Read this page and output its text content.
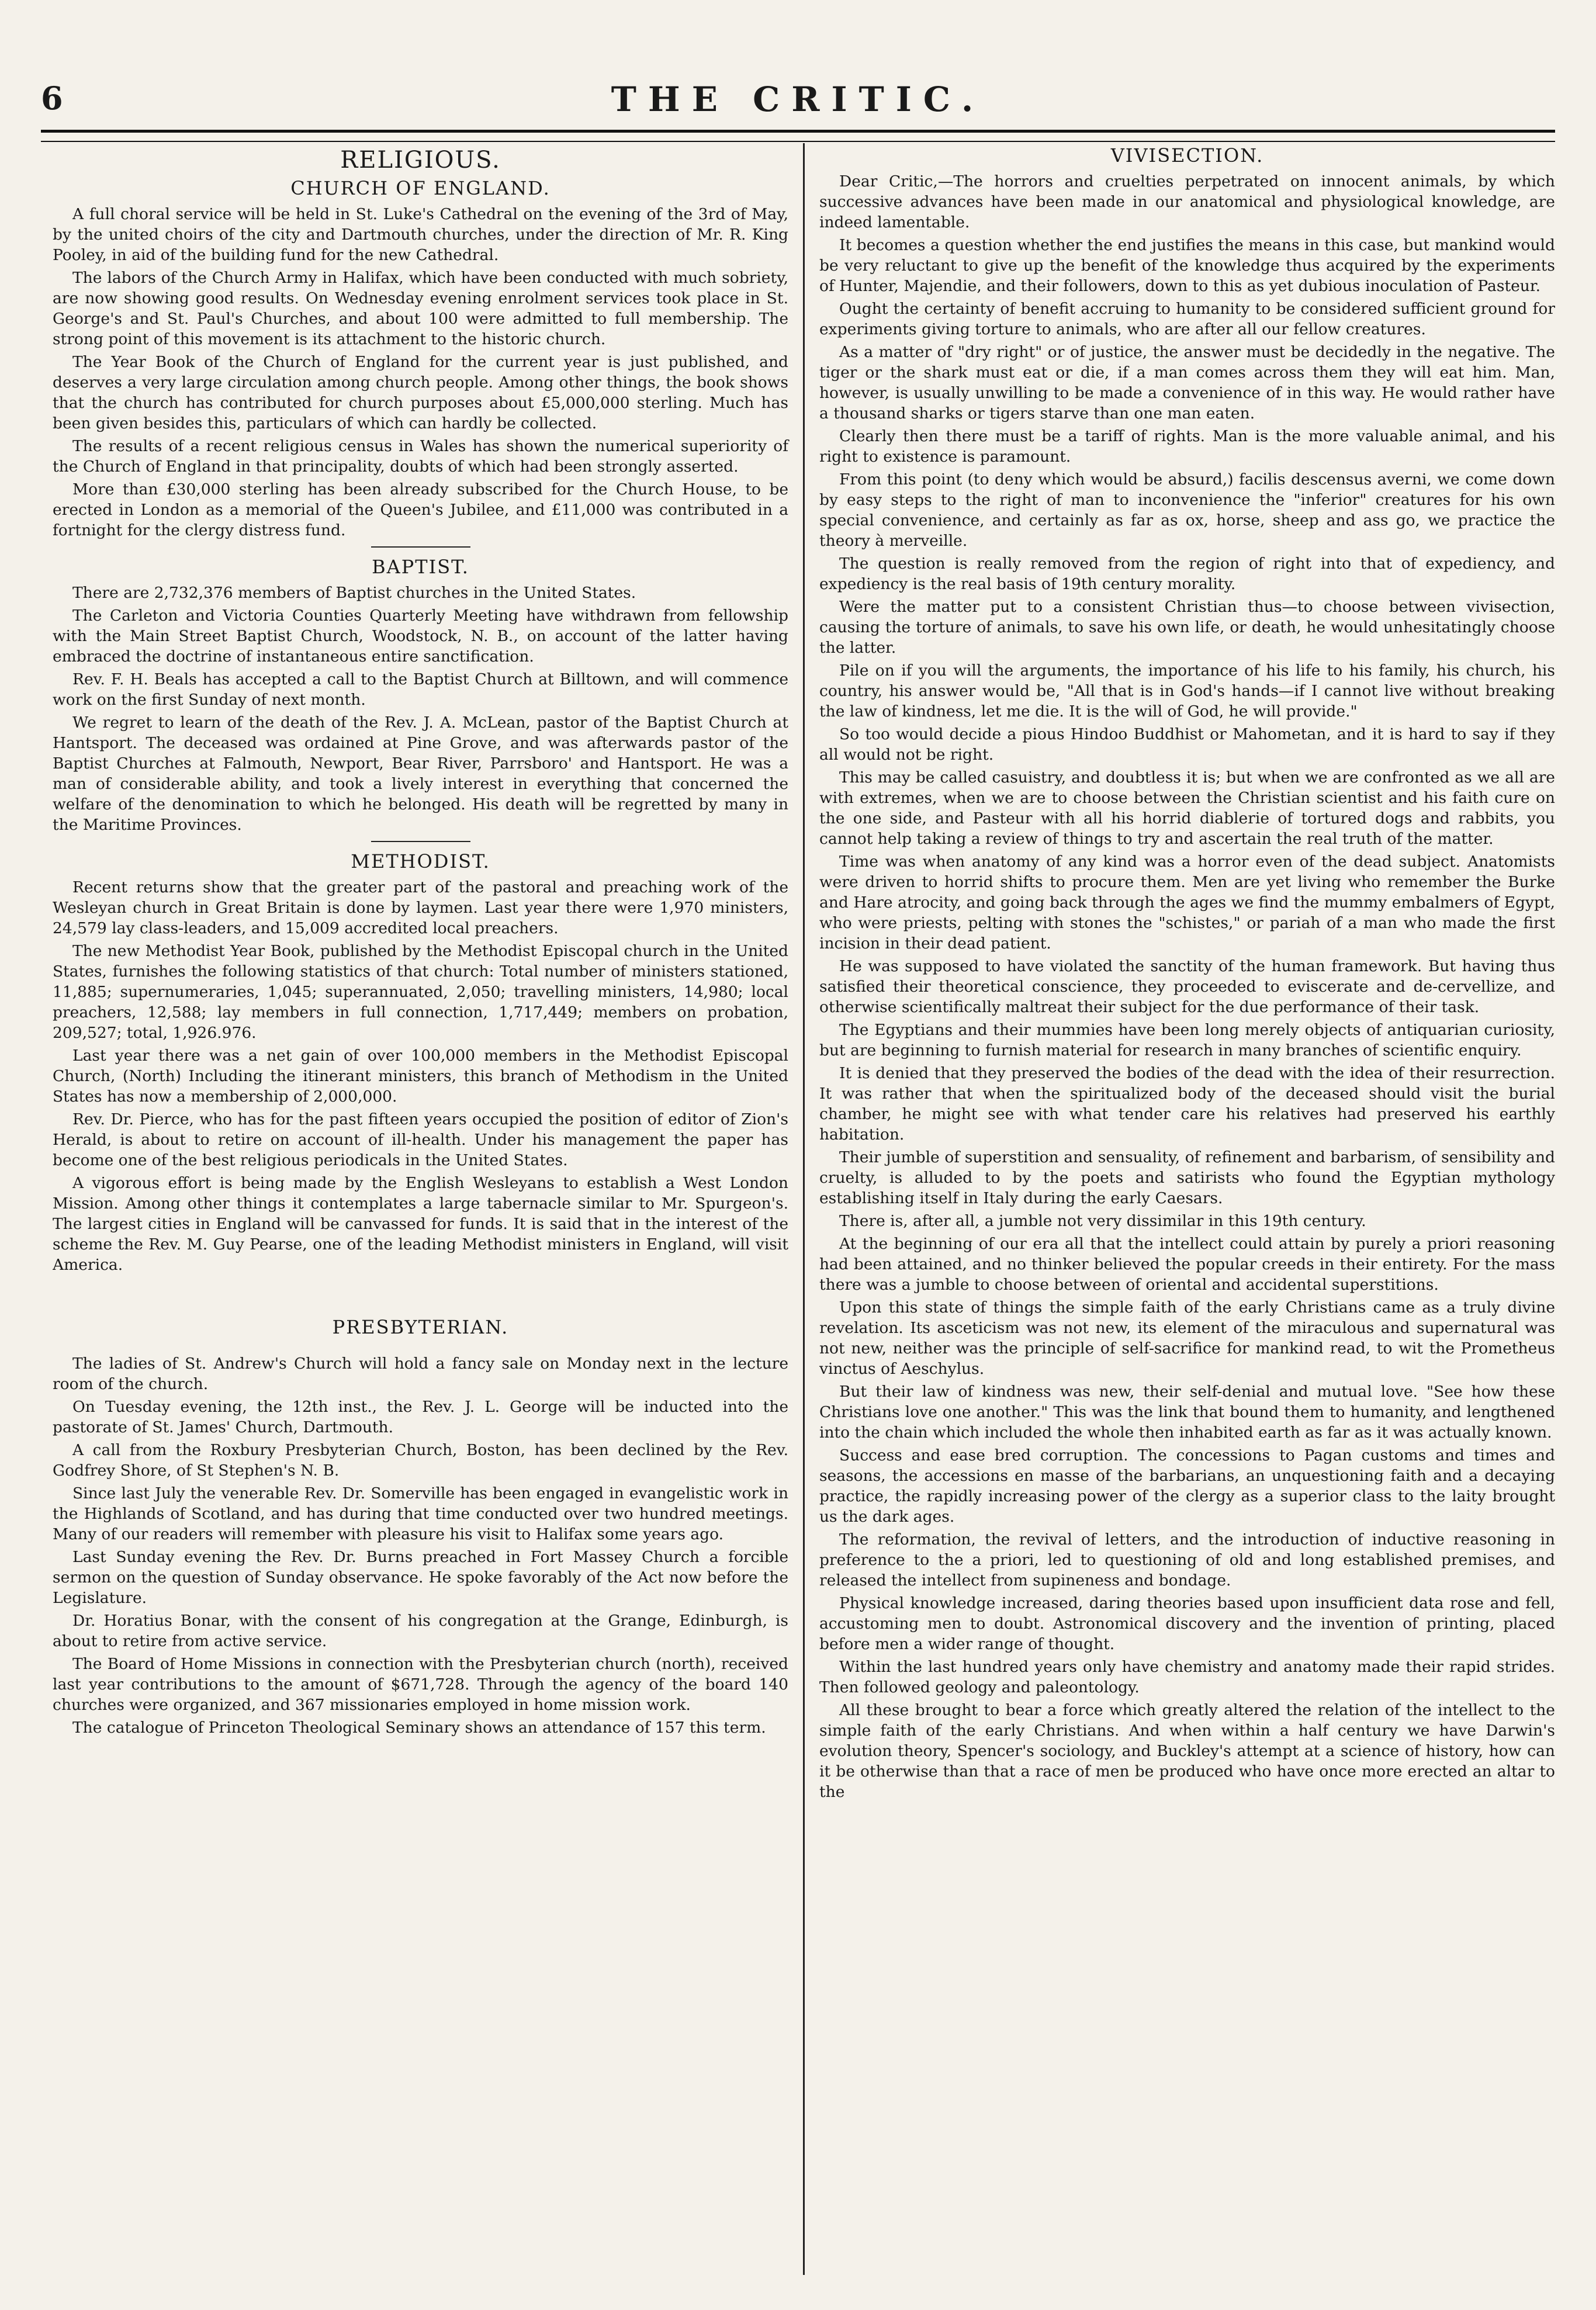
6	THE CRITIC.
RELIGIOUS.
CHURCH OF ENGLAND.

A full choral service will be held in St. Luke's Cathedral on the evening of the 3rd of May, by the united choirs of the city and Dartmouth churches, under the direction of Mr. R. King Pooley, in aid of the building fund for the new Cathedral.

The labors of the Church Army in Halifax, which have been conducted with much sobriety, are now showing good results. On Wednesday evening enrolment services took place in St. George's and St. Paul's Churches, and about 100 were admitted to full membership. The strong point of this movement is its attachment to the historic church.

The Year Book of the Church of England for the current year is just published, and deserves a very large circulation among church people. Among other things, the book shows that the church has contributed for church purposes about £5,000,000 sterling. Much has been given besides this, particulars of which can hardly be collected.

The results of a recent religious census in Wales has shown the numerical superiority of the Church of England in that principality, doubts of which had been strongly asserted.

More than £30,000 sterling has been already subscribed for the Church House, to be erected in London as a memorial of the Queen's Jubilee, and £11,000 was contributed in a fortnight for the clergy distress fund.

BAPTIST.

There are 2,732,376 members of Baptist churches in the United States.

The Carleton and Victoria Counties Quarterly Meeting have withdrawn from fellowship with the Main Street Baptist Church, Woodstock, N. B., on account of the latter having embraced the doctrine of instantaneous entire sanctification.

Rev. F. H. Beals has accepted a call to the Baptist Church at Billtown, and will commence work on the first Sunday of next month.

We regret to learn of the death of the Rev. J. A. McLean, pastor of the Baptist Church at Hantsport. The deceased was ordained at Pine Grove, and was afterwards pastor of the Baptist Churches at Falmouth, Newport, Bear River, Parrsboro' and Hantsport. He was a man of considerable ability, and took a lively interest in everything that concerned the welfare of the denomination to which he belonged. His death will be regretted by many in the Maritime Provinces.

METHODIST.

Recent returns show that the greater part of the pastoral and preaching work of the Wesleyan church in Great Britain is done by laymen. Last year there were 1,970 ministers, 24,579 lay class-leaders, and 15,009 accredited local preachers.

The new Methodist Year Book, published by the Methodist Episcopal church in the United States, furnishes the following statistics of that church: Total number of ministers stationed, 11,885; supernumeraries, 1,045; superannuated, 2,050; travelling ministers, 14,980; local preachers, 12,588; lay members in full connection, 1,717,449; members on probation, 209,527; total, 1,926.976.

Last year there was a net gain of over 100,000 members in the Methodist Episcopal Church, (North) Including the itinerant ministers, this branch of Methodism in the United States has now a membership of 2,000,000.

Rev. Dr. Pierce, who has for the past fifteen years occupied the position of editor of Zion's Herald, is about to retire on account of ill-health. Under his management the paper has become one of the best religious periodicals in the United States.

A vigorous effort is being made by the English Wesleyans to establish a West London Mission. Among other things it contemplates a large tabernacle similar to Mr. Spurgeon's. The largest cities in England will be canvassed for funds. It is said that in the interest of the scheme the Rev. M. Guy Pearse, one of the leading Methodist ministers in England, will visit America.

PRESBYTERIAN.

The ladies of St. Andrew's Church will hold a fancy sale on Monday next in the lecture room of the church.

On Tuesday evening, the 12th inst., the Rev. J. L. George will be inducted into the pastorate of St. James' Church, Dartmouth.

A call from the Roxbury Presbyterian Church, Boston, has been declined by the Rev. Godfrey Shore, of St Stephen's N. B.

Since last July the venerable Rev. Dr. Somerville has been engaged in evangelistic work in the Highlands of Scotland, and has during that time conducted over two hundred meetings. Many of our readers will remember with pleasure his visit to Halifax some years ago.

Last Sunday evening the Rev. Dr. Burns preached in Fort Massey Church a forcible sermon on the question of Sunday observance. He spoke favorably of the Act now before the Legislature.

Dr. Horatius Bonar, with the consent of his congregation at the Grange, Edinburgh, is about to retire from active service.

The Board of Home Missions in connection with the Presbyterian church (north), received last year contributions to the amount of $671,728. Through the agency of the board 140 churches were organized, and 367 missionaries employed in home mission work.

The catalogue of Princeton Theological Seminary shows an attendance of 157 this term.

VIVISECTION.

Dear Critic,—The horrors and cruelties perpetrated on innocent animals, by which successive advances have been made in our anatomical and physiological knowledge, are indeed lamentable.

It becomes a question whether the end justifies the means in this case, but mankind would be very reluctant to give up the benefit of the knowledge thus acquired by the experiments of Hunter, Majendie, and their followers, down to this as yet dubious inoculation of Pasteur.

Ought the certainty of benefit accruing to humanity to be considered sufficient ground for experiments giving torture to animals, who are after all our fellow creatures.

As a matter of "dry right" or of justice, the answer must be decidedly in the negative. The tiger or the shark must eat or die, if a man comes across them they will eat him. Man, however, is usually unwilling to be made a convenience of in this way. He would rather have a thousand sharks or tigers starve than one man eaten.

Clearly then there must be a tariff of rights. Man is the more valuable animal, and his right to existence is paramount.

From this point (to deny which would be absurd,) facilis descensus averni, we come down by easy steps to the right of man to inconvenience the "inferior" creatures for his own special convenience, and certainly as far as ox, horse, sheep and ass go, we practice the theory à merveille.

The question is really removed from the region of right into that of expediency, and expediency is the real basis of 19th century morality.

Were the matter put to a consistent Christian thus—to choose between vivisection, causing the torture of animals, to save his own life, or death, he would unhesitatingly choose the latter.

Pile on if you will the arguments, the importance of his life to his family, his church, his country, his answer would be, "All that is in God's hands—if I cannot live without breaking the law of kindness, let me die. It is the will of God, he will provide."

So too would decide a pious Hindoo Buddhist or Mahometan, and it is hard to say if they all would not be right.

This may be called casuistry, and doubtless it is; but when we are confronted as we all are with extremes, when we are to choose between the Christian scientist and his faith cure on the one side, and Pasteur with all his horrid diablerie of tortured dogs and rabbits, you cannot help taking a review of things to try and ascertain the real truth of the matter.

Time was when anatomy of any kind was a horror even of the dead subject. Anatomists were driven to horrid shifts to procure them. Men are yet living who remember the Burke and Hare atrocity, and going back through the ages we find the mummy embalmers of Egypt, who were priests, pelting with stones the "schistes," or pariah of a man who made the first incision in their dead patient.

He was supposed to have violated the sanctity of the human framework. But having thus satisfied their theoretical conscience, they proceeded to eviscerate and de-cervellize, and otherwise scientifically maltreat their subject for the due performance of their task.

The Egyptians and their mummies have been long merely objects of antiquarian curiosity, but are beginning to furnish material for research in many branches of scientific enquiry.

It is denied that they preserved the bodies of the dead with the idea of their resurrection. It was rather that when the spiritualized body of the deceased should visit the burial chamber, he might see with what tender care his relatives had preserved his earthly habitation.

Their jumble of superstition and sensuality, of refinement and barbarism, of sensibility and cruelty, is alluded to by the poets and satirists who found the Egyptian mythology establishing itself in Italy during the early Caesars.

There is, after all, a jumble not very dissimilar in this 19th century.

At the beginning of our era all that the intellect could attain by purely a priori reasoning had been attained, and no thinker believed the popular creeds in their entirety. For the mass there was a jumble to choose between of oriental and accidental superstitions.

Upon this state of things the simple faith of the early Christians came as a truly divine revelation. Its asceticism was not new, its element of the miraculous and supernatural was not new, neither was the principle of self-sacrifice for mankind read, to wit the Prometheus vinctus of Aeschylus.

But their law of kindness was new, their self-denial and mutual love. "See how these Christians love one another." This was the link that bound them to humanity, and lengthened into the chain which included the whole then inhabited earth as far as it was actually known.

Success and ease bred corruption. The concessions to Pagan customs and times and seasons, the accessions en masse of the barbarians, an unquestioning faith and a decaying practice, the rapidly increasing power of the clergy as a superior class to the laity brought us the dark ages.

The reformation, the revival of letters, and the introduction of inductive reasoning in preference to the a priori, led to questioning of old and long established premises, and released the intellect from supineness and bondage.

Physical knowledge increased, daring theories based upon insufficient data rose and fell, accustoming men to doubt. Astronomical discovery and the invention of printing, placed before men a wider range of thought.

Within the last hundred years only have chemistry and anatomy made their rapid strides. Then followed geology and paleontology.

All these brought to bear a force which greatly altered the relation of the intellect to the simple faith of the early Christians. And when within a half century we have Darwin's evolution theory, Spencer's sociology, and Buckley's attempt at a science of history, how can it be otherwise than that a race of men be produced who have once more erected an altar to the
